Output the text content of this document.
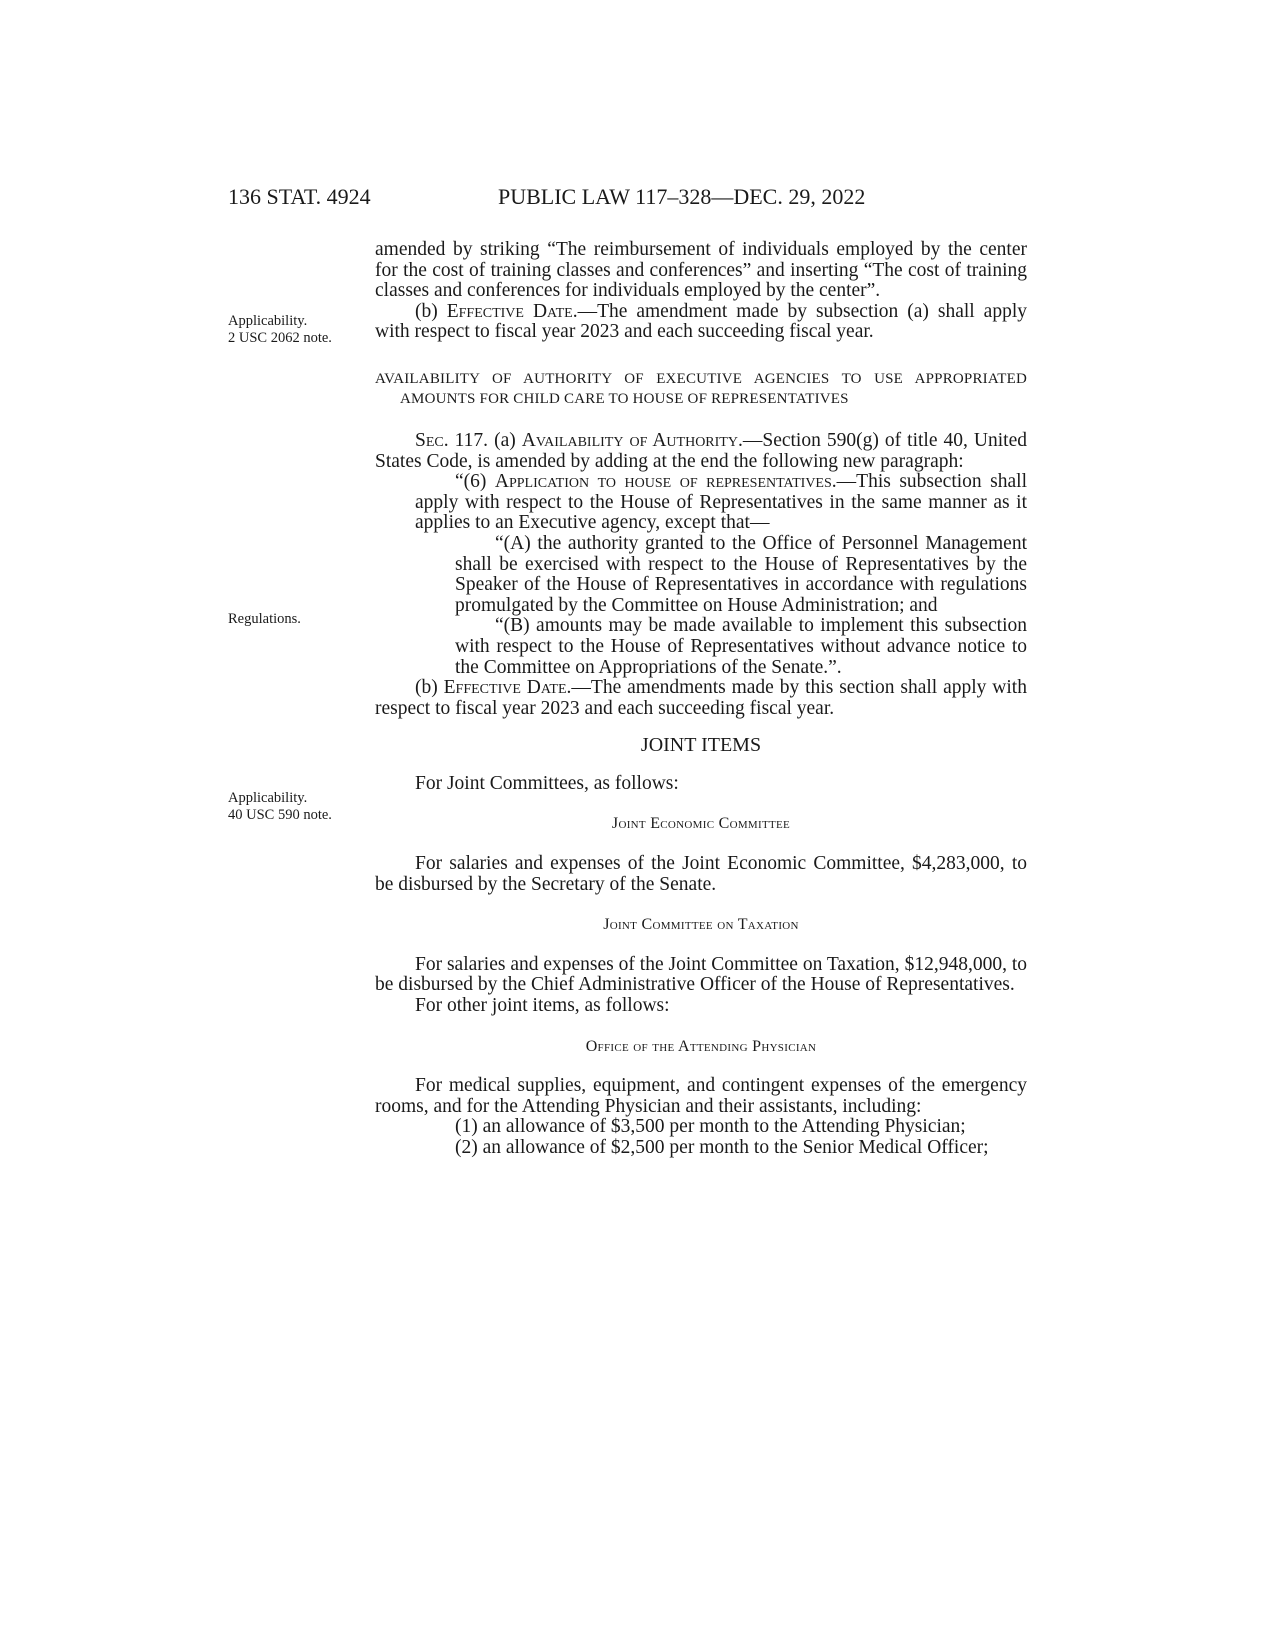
136 STAT. 4924	PUBLIC LAW 117–328—DEC. 29, 2022
Applicability.
2 USC 2062 note.
Regulations.
Applicability.
40 USC 590 note.

amended by striking “The reimbursement of individuals employed by the center for the cost of training classes and conferences” and inserting “The cost of training classes and conferences for individuals employed by the center”.

(b) Effective Date.—The amendment made by subsection (a) shall apply with respect to fiscal year 2023 and each succeeding fiscal year.

AVAILABILITY OF AUTHORITY OF EXECUTIVE AGENCIES TO USE APPROPRIATED AMOUNTS FOR CHILD CARE TO HOUSE OF REPRESENTATIVES

Sec. 117. (a) Availability of Authority.—Section 590(g) of title 40, United States Code, is amended by adding at the end the following new paragraph:

“(6) Application to house of representatives.—This subsection shall apply with respect to the House of Representatives in the same manner as it applies to an Executive agency, except that—

“(A) the authority granted to the Office of Personnel Management shall be exercised with respect to the House of Representatives by the Speaker of the House of Representatives in accordance with regulations promulgated by the Committee on House Administration; and

“(B) amounts may be made available to implement this subsection with respect to the House of Representatives without advance notice to the Committee on Appropriations of the Senate.”.

(b) Effective Date.—The amendments made by this section shall apply with respect to fiscal year 2023 and each succeeding fiscal year.

JOINT ITEMS

For Joint Committees, as follows:

Joint Economic Committee

For salaries and expenses of the Joint Economic Committee, $4,283,000, to be disbursed by the Secretary of the Senate.

Joint Committee on Taxation

For salaries and expenses of the Joint Committee on Taxation, $12,948,000, to be disbursed by the Chief Administrative Officer of the House of Representatives.

For other joint items, as follows:

Office of the Attending Physician

For medical supplies, equipment, and contingent expenses of the emergency rooms, and for the Attending Physician and their assistants, including:

(1) an allowance of $3,500 per month to the Attending Physician;

(2) an allowance of $2,500 per month to the Senior Medical Officer;
